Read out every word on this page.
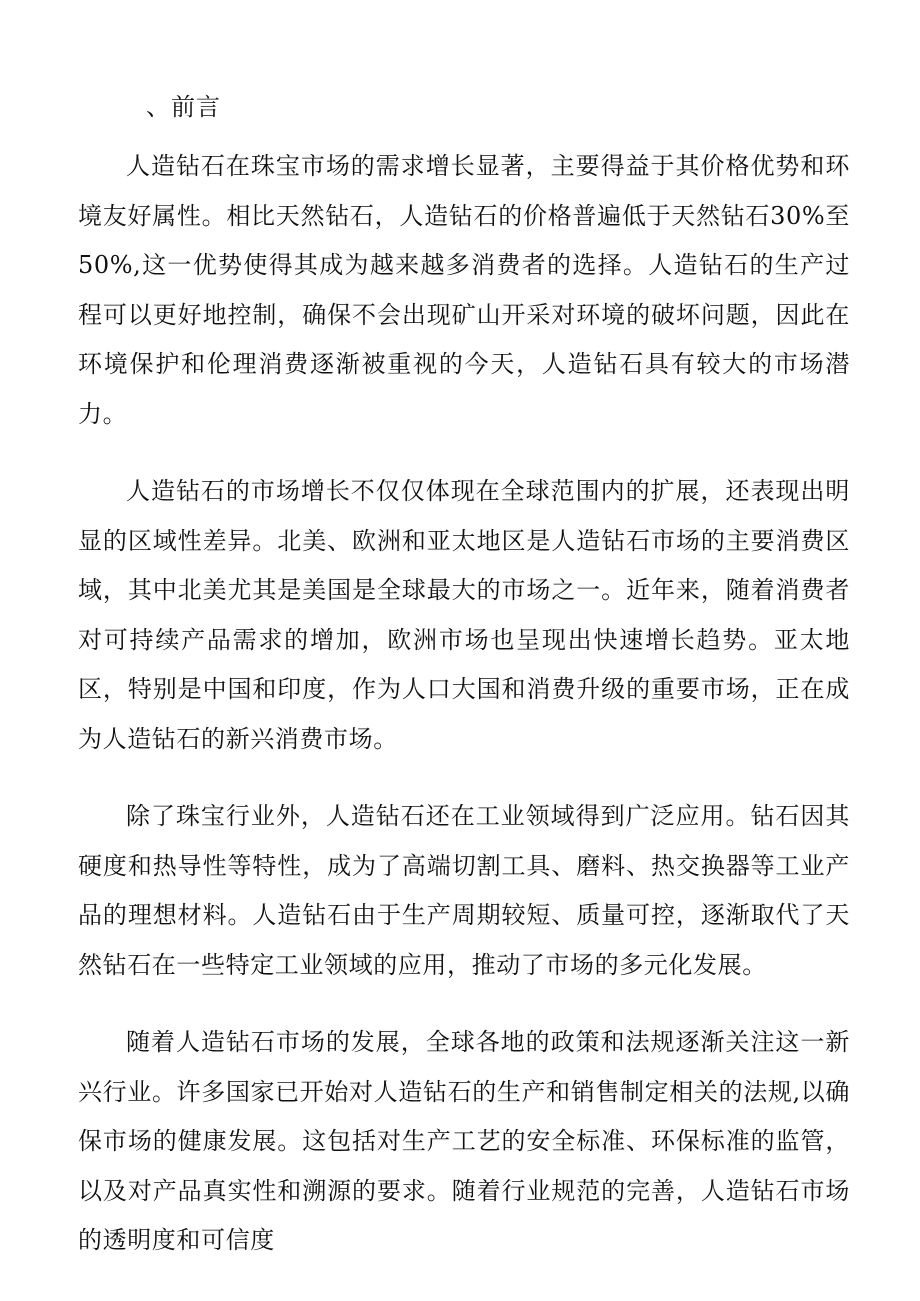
、前言

人造钻石在珠宝市场的需求增长显著，主要得益于其价格优势和环境友好属性。相比天然钻石，人造钻石的价格普遍低于天然钻石30%至50%,这一优势使得其成为越来越多消费者的选择。人造钻石的生产过程可以更好地控制，确保不会出现矿山开采对环境的破坏问题，因此在环境保护和伦理消费逐渐被重视的今天，人造钻石具有较大的市场潜力。

人造钻石的市场增长不仅仅体现在全球范围内的扩展，还表现出明显的区域性差异。北美、欧洲和亚太地区是人造钻石市场的主要消费区域，其中北美尤其是美国是全球最大的市场之一。近年来，随着消费者对可持续产品需求的增加，欧洲市场也呈现出快速增长趋势。亚太地区，特别是中国和印度，作为人口大国和消费升级的重要市场，正在成为人造钻石的新兴消费市场。

除了珠宝行业外，人造钻石还在工业领域得到广泛应用。钻石因其硬度和热导性等特性，成为了高端切割工具、磨料、热交换器等工业产品的理想材料。人造钻石由于生产周期较短、质量可控，逐渐取代了天然钻石在一些特定工业领域的应用，推动了市场的多元化发展。

随着人造钻石市场的发展，全球各地的政策和法规逐渐关注这一新兴行业。许多国家已开始对人造钻石的生产和销售制定相关的法规,以确保市场的健康发展。这包括对生产工艺的安全标准、环保标准的监管，以及对产品真实性和溯源的要求。随着行业规范的完善，人造钻石市场的透明度和可信度
